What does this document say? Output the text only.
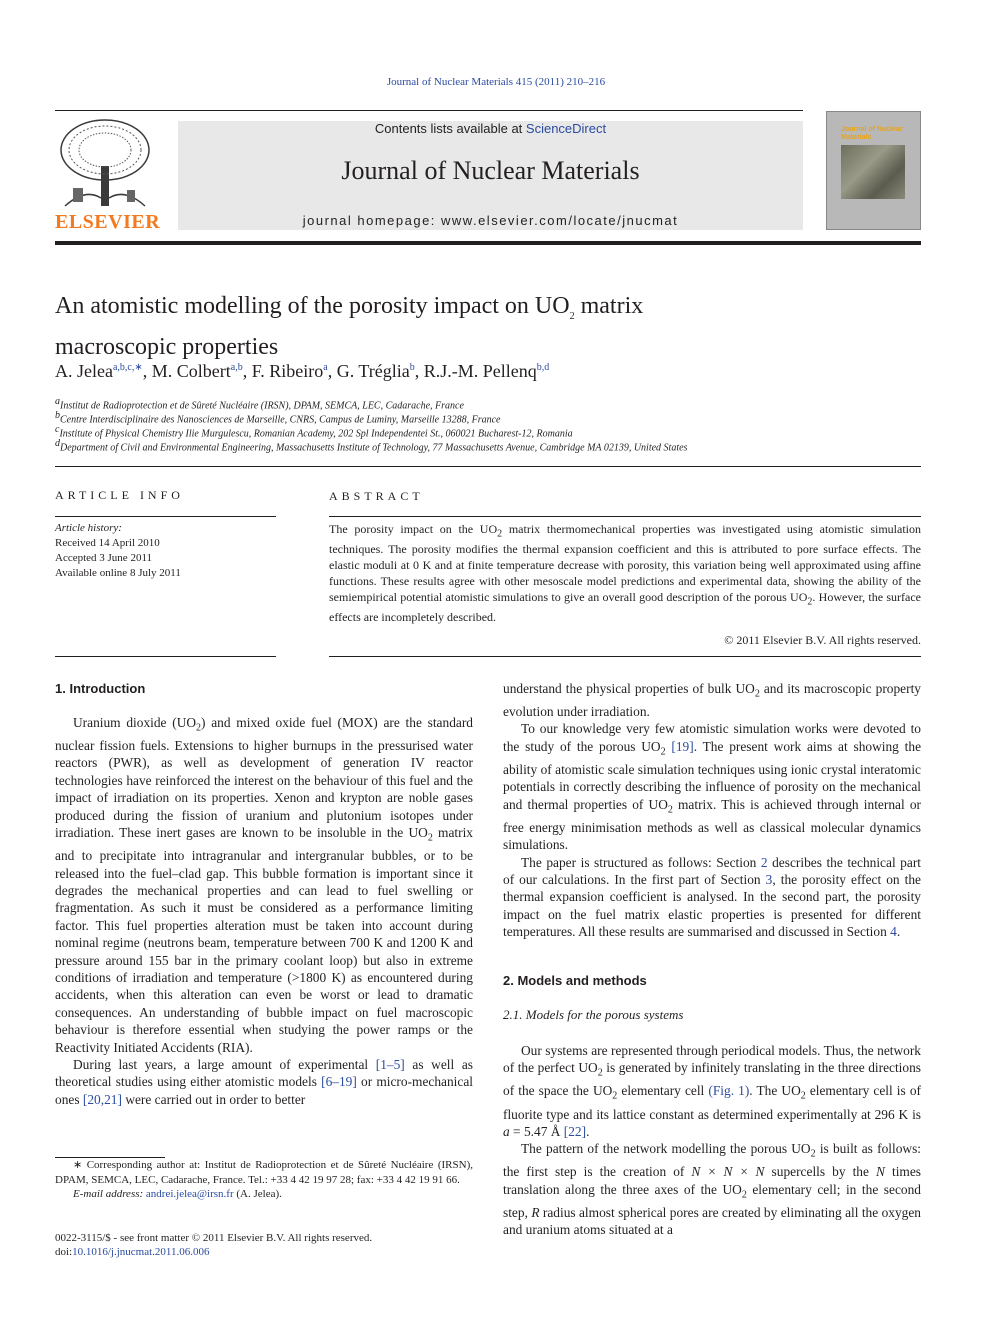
Journal of Nuclear Materials 415 (2011) 210–216
ELSEVIER
Contents lists available at ScienceDirect
Journal of Nuclear Materials
journal homepage: www.elsevier.com/locate/jnucmat
Journal of Nuclear Materials
An atomistic modelling of the porosity impact on $UO_2$ matrix macroscopic properties
A. Jelea$^{a,b,c,∗}$, M. Colbert$^{a,b}$, F. Ribeiro$^a$, G. Tréglia$^b$, R.J.-M. Pellenq$^{b,d}$
$^a$Institut de Radioprotection et de Sûreté Nucléaire (IRSN), DPAM, SEMCA, LEC, Cadarache, France
$^b$Centre Interdisciplinaire des Nanosciences de Marseille, CNRS, Campus de Luminy, Marseille 13288, France
$^c$Institute of Physical Chemistry Ilie Murgulescu, Romanian Academy, 202 Spl Independentei St., 060021 Bucharest-12, Romania
$^d$Department of Civil and Environmental Engineering, Massachusetts Institute of Technology, 77 Massachusetts Avenue, Cambridge MA 02139, United States
ARTICLE INFO
Article history:
Received 14 April 2010
Accepted 3 June 2011
Available online 8 July 2011
ABSTRACT
The porosity impact on the $UO_2$ matrix thermomechanical properties was investigated using atomistic simulation techniques. The porosity modifies the thermal expansion coefficient and this is attributed to pore surface effects. The elastic moduli at 0 K and at finite temperature decrease with porosity, this variation being well approximated using affine functions. These results agree with other mesoscale model predictions and experimental data, showing the ability of the semiempirical potential atomistic simulations to give an overall good description of the porous $UO_2$. However, the surface effects are incompletely described.
© 2011 Elsevier B.V. All rights reserved.
1. Introduction

Uranium dioxide $(UO_2)$ and mixed oxide fuel (MOX) are the standard nuclear fission fuels. Extensions to higher burnups in the pressurised water reactors (PWR), as well as development of generation IV reactor technologies have reinforced the interest on the behaviour of this fuel and the impact of irradiation on its properties. Xenon and krypton are noble gases produced during the fission of uranium and plutonium isotopes under irradiation. These inert gases are known to be insoluble in the $UO_2$ matrix and to precipitate into intragranular and intergranular bubbles, or to be released into the fuel–clad gap. This bubble formation is important since it degrades the mechanical properties and can lead to fuel swelling or fragmentation. As such it must be considered as a performance limiting factor. This fuel properties alteration must be taken into account during nominal regime (neutrons beam, temperature between 700 K and 1200 K and pressure around 155 bar in the primary coolant loop) but also in extreme conditions of irradiation and temperature (>1800 K) as encountered during accidents, when this alteration can even be worst or lead to dramatic consequences. An understanding of bubble impact on fuel macroscopic behaviour is therefore essential when studying the power ramps or the Reactivity Initiated Accidents (RIA).

During last years, a large amount of experimental [1–5] as well as theoretical studies using either atomistic models [6–19] or micro-mechanical ones [20,21] were carried out in order to better

∗ Corresponding author at: Institut de Radioprotection et de Sûreté Nucléaire (IRSN), DPAM, SEMCA, LEC, Cadarache, France. Tel.: +33 4 42 19 97 28; fax: +33 4 42 19 91 66.

E-mail address: andrei.jelea@irsn.fr (A. Jelea).

0022-3115/$ - see front matter © 2011 Elsevier B.V. All rights reserved.
doi:10.1016/j.jnucmat.2011.06.006

understand the physical properties of bulk $UO_2$ and its macroscopic property evolution under irradiation.

To our knowledge very few atomistic simulation works were devoted to the study of the porous $UO_2$ [19]. The present work aims at showing the ability of atomistic scale simulation techniques using ionic crystal interatomic potentials in correctly describing the influence of porosity on the mechanical and thermal properties of $UO_2$ matrix. This is achieved through internal or free energy minimisation methods as well as classical molecular dynamics simulations.

The paper is structured as follows: Section 2 describes the technical part of our calculations. In the first part of Section 3, the porosity effect on the thermal expansion coefficient is analysed. In the second part, the porosity impact on the fuel matrix elastic properties is presented for different temperatures. All these results are summarised and discussed in Section 4.

2. Models and methods
2.1. Models for the porous systems

Our systems are represented through periodical models. Thus, the network of the perfect $UO_2$ is generated by infinitely translating in the three directions of the space the $UO_2$ elementary cell (Fig. 1). The $UO_2$ elementary cell is of fluorite type and its lattice constant as determined experimentally at 296 K is a = 5.47 Å [22].

The pattern of the network modelling the porous $UO_2$ is built as follows: the first step is the creation of N × N × N supercells by the N times translation along the three axes of the $UO_2$ elementary cell; in the second step, R radius almost spherical pores are created by eliminating all the oxygen and uranium atoms situated at a
